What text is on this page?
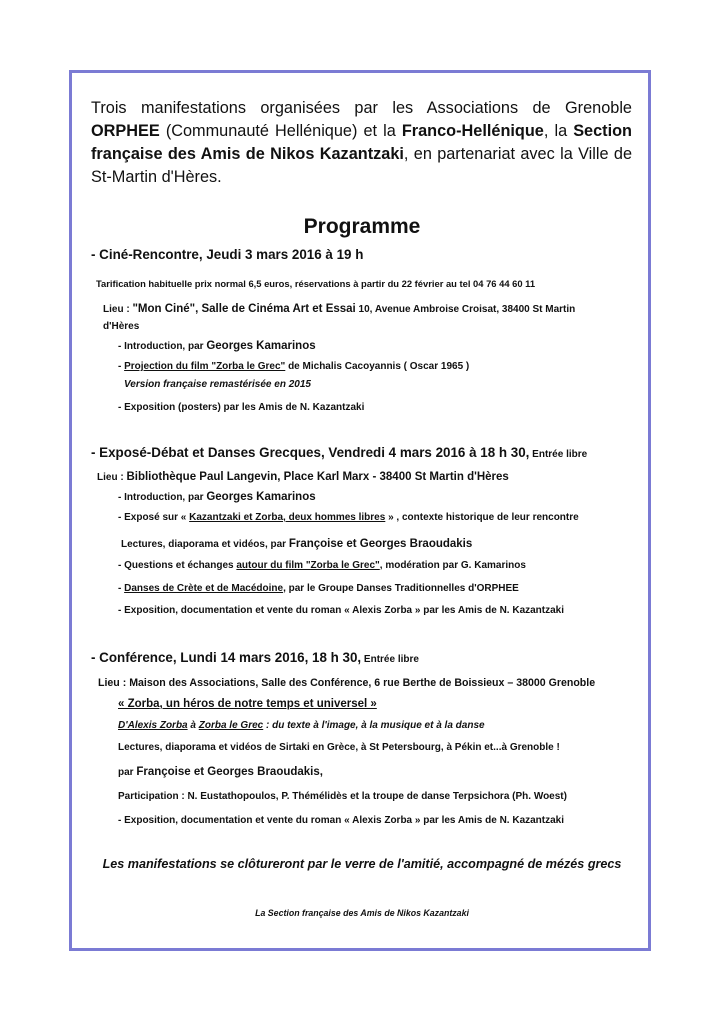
Trois manifestations organisées par les Associations de Grenoble ORPHEE (Communauté Hellénique) et la Franco-Hellénique, la Section française des Amis de Nikos Kazantzaki, en partenariat avec la Ville de St-Martin d'Hères.
Programme
- Ciné-Rencontre, Jeudi 3 mars 2016 à 19 h
Tarification habituelle prix normal 6,5 euros, réservations à partir du 22 février au tel 04 76 44 60 11
Lieu : "Mon Ciné", Salle de Cinéma Art et Essai 10, Avenue Ambroise Croisat, 38400 St Martin
d'Hères
- Introduction, par Georges Kamarinos
- Projection du film "Zorba le Grec" de Michalis Cacoyannis ( Oscar 1965 )
Version française remastérisée en 2015
- Exposition (posters) par les Amis de N. Kazantzaki
- Exposé-Débat et Danses Grecques, Vendredi 4 mars 2016 à 18 h 30, Entrée libre
Lieu : Bibliothèque Paul Langevin, Place Karl Marx - 38400 St Martin d'Hères
- Introduction, par Georges Kamarinos
- Exposé sur « Kazantzaki et Zorba, deux hommes libres » , contexte historique de leur rencontre
Lectures, diaporama et vidéos, par Françoise et Georges Braoudakis
- Questions et échanges autour du film "Zorba le Grec", modération par G. Kamarinos
- Danses de Crète et de Macédoine, par le Groupe Danses Traditionnelles d'ORPHEE
- Exposition, documentation et vente du roman « Alexis Zorba » par les Amis de N. Kazantzaki
- Conférence, Lundi 14 mars 2016, 18 h 30, Entrée libre
Lieu : Maison des Associations, Salle des Conférence, 6 rue Berthe de Boissieux – 38000 Grenoble
« Zorba, un héros de notre temps et universel »
D'Alexis Zorba à Zorba le Grec : du texte à l'image, à la musique et à la danse
Lectures, diaporama et vidéos de Sirtaki en Grèce, à St Petersbourg, à Pékin et...à Grenoble !
par Françoise et Georges Braoudakis,
Participation : N. Eustathopoulos, P. Thémélidès et la troupe de danse Terpsichora (Ph. Woest)
- Exposition, documentation et vente du roman « Alexis Zorba » par les Amis de N. Kazantzaki
Les manifestations se clôtureront par le verre de l'amitié, accompagné de mézés grecs
La Section française des Amis de Nikos Kazantzaki
